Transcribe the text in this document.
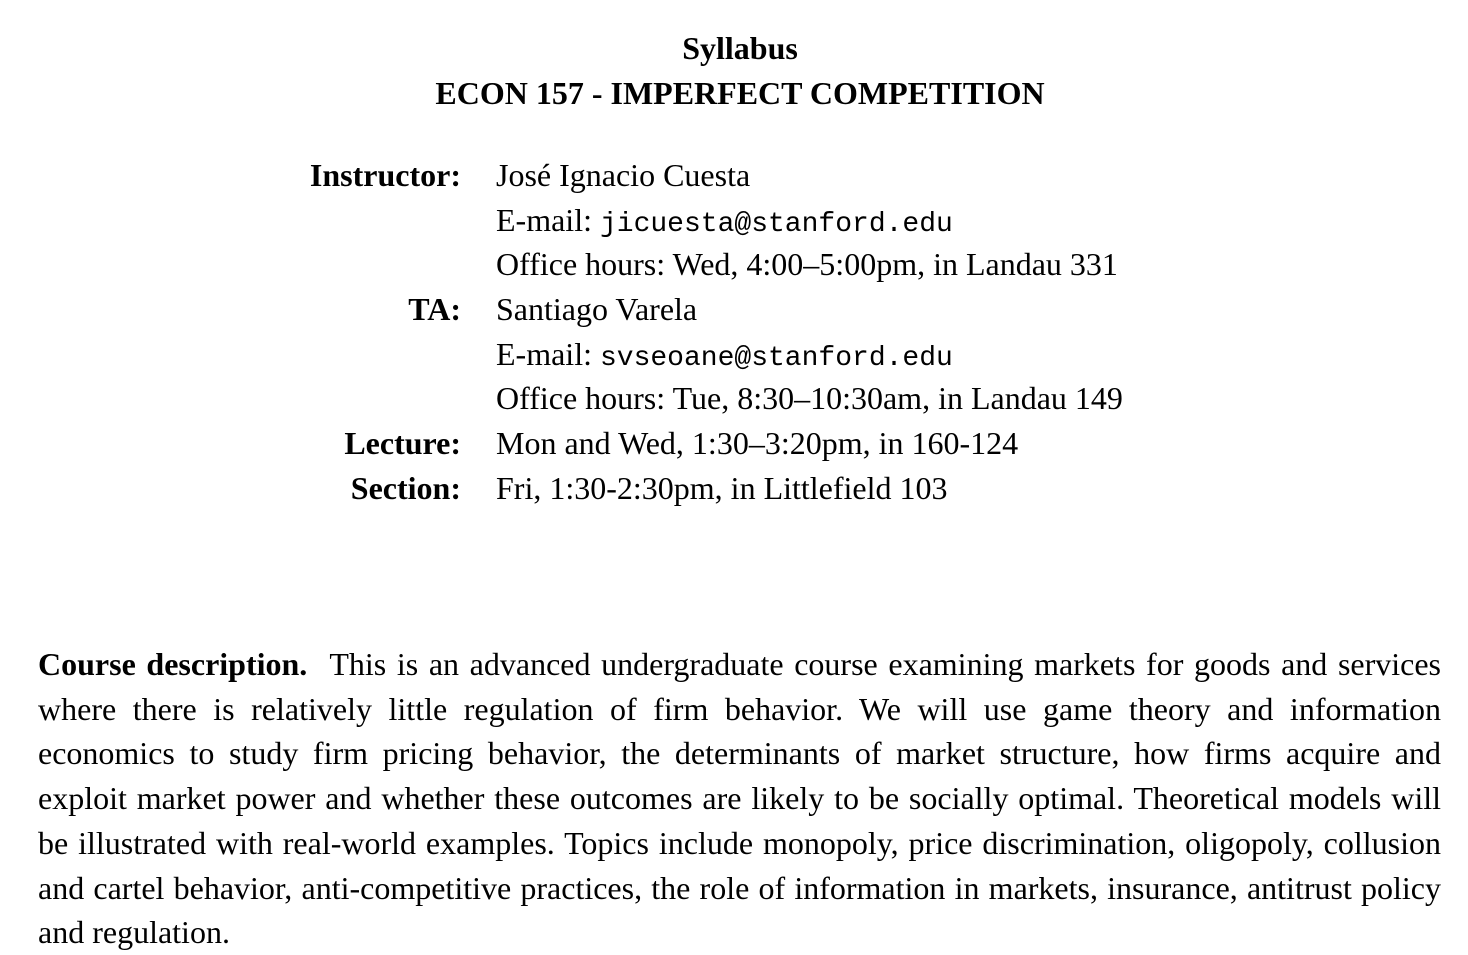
Syllabus
ECON 157 - IMPERFECT COMPETITION
Instructor: José Ignacio Cuesta
E-mail: jicuesta@stanford.edu
Office hours: Wed, 4:00–5:00pm, in Landau 331
TA: Santiago Varela
E-mail: svseoane@stanford.edu
Office hours: Tue, 8:30–10:30am, in Landau 149
Lecture: Mon and Wed, 1:30–3:20pm, in 160-124
Section: Fri, 1:30-2:30pm, in Littlefield 103

Course description. This is an advanced undergraduate course examining markets for goods and services where there is relatively little regulation of firm behavior. We will use game theory and information economics to study firm pricing behavior, the determinants of market structure, how firms acquire and exploit market power and whether these outcomes are likely to be socially optimal. Theoretical models will be illustrated with real-world examples. Topics include monopoly, price discrimination, oligopoly, collusion and cartel behavior, anti-competitive practices, the role of information in markets, insurance, antitrust policy and regulation.
